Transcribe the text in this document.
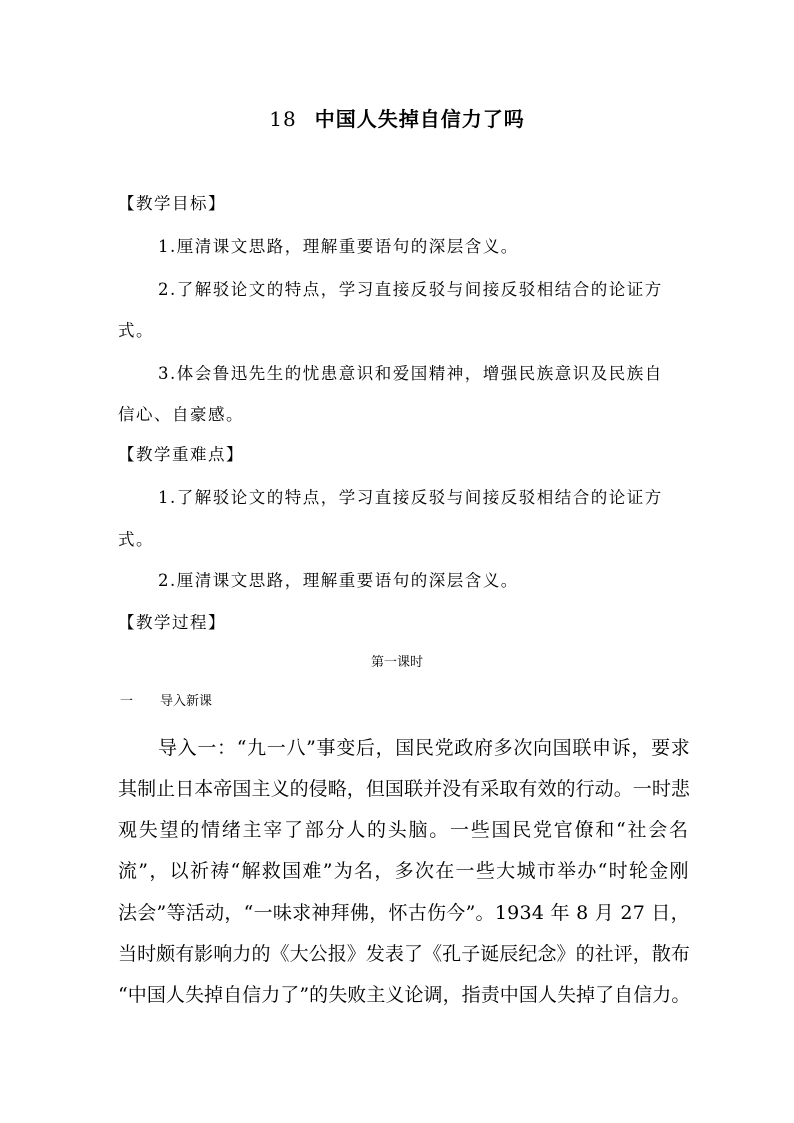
18 中国人失掉自信力了吗
【教学目标】
1.厘清课文思路，理解重要语句的深层含义。
2.了解驳论文的特点，学习直接反驳与间接反驳相结合的论证方
式。
3.体会鲁迅先生的忧患意识和爱国精神，增强民族意识及民族自
信心、自豪感。
【教学重难点】
1.了解驳论文的特点，学习直接反驳与间接反驳相结合的论证方
式。
2.厘清课文思路，理解重要语句的深层含义。
【教学过程】
第一课时
一 导入新课
导入一：“九一八”事变后，国民党政府多次向国联申诉，要求
其制止日本帝国主义的侵略，但国联并没有采取有效的行动。一时悲
观失望的情绪主宰了部分人的头脑。一些国民党官僚和“社会名
流”，以祈祷“解救国难”为名，多次在一些大城市举办“时轮金刚
法会”等活动，“一味求神拜佛，怀古伤今”。1934 年 8 月 27 日，
当时颇有影响力的《大公报》发表了《孔子诞辰纪念》的社评，散布
“中国人失掉自信力了”的失败主义论调，指责中国人失掉了自信力。
